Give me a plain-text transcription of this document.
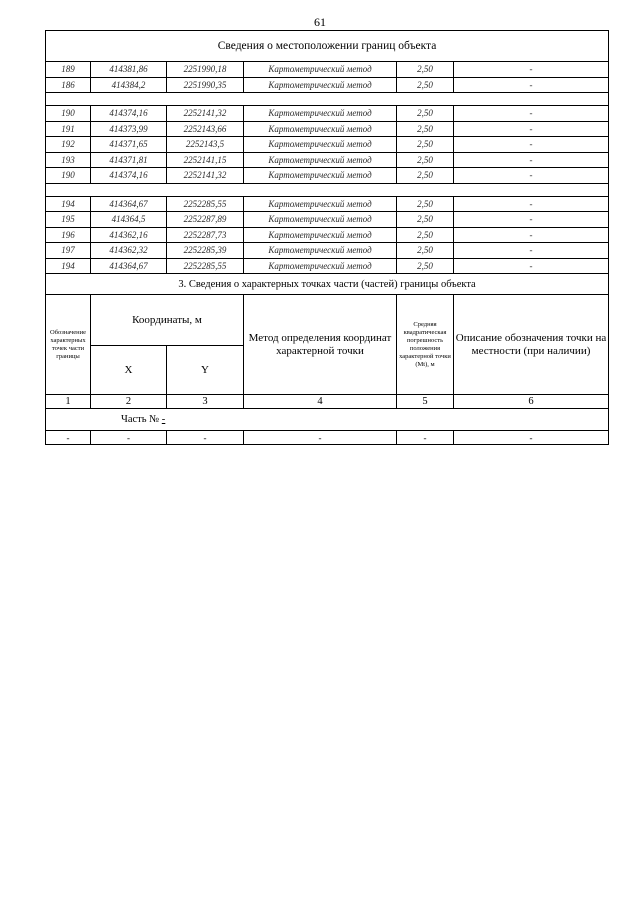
61
Сведения о местоположении границ объекта					
189	414381,86	2251990,18	Картометрический метод	2,50	-
186	414384,2	2251990,35	Картометрический метод	2,50	-

190	414374,16	2252141,32	Картометрический метод	2,50	-
191	414373,99	2252143,66	Картометрический метод	2,50	-
192	414371,65	2252143,5	Картометрический метод	2,50	-
193	414371,81	2252141,15	Картометрический метод	2,50	-
190	414374,16	2252141,32	Картометрический метод	2,50	-

194	414364,67	2252285,55	Картометрический метод	2,50	-
195	414364,5	2252287,89	Картометрический метод	2,50	-
196	414362,16	2252287,73	Картометрический метод	2,50	-
197	414362,32	2252285,39	Картометрический метод	2,50	-
194	414364,67	2252285,55	Картометрический метод	2,50	-
3. Сведения о характерных точках части (частей) границы объекта					
Обозначение характерных точек части границы	Координаты, м		Метод определения координат характерной точки	Средняя квадратическая погрешность положения характерной точки (Mt), м	Описание обозначения точки на местности (при наличии)
	X	Y			
1	2	3	4	5	6
Часть № -					
-	-	-	-	-	-
